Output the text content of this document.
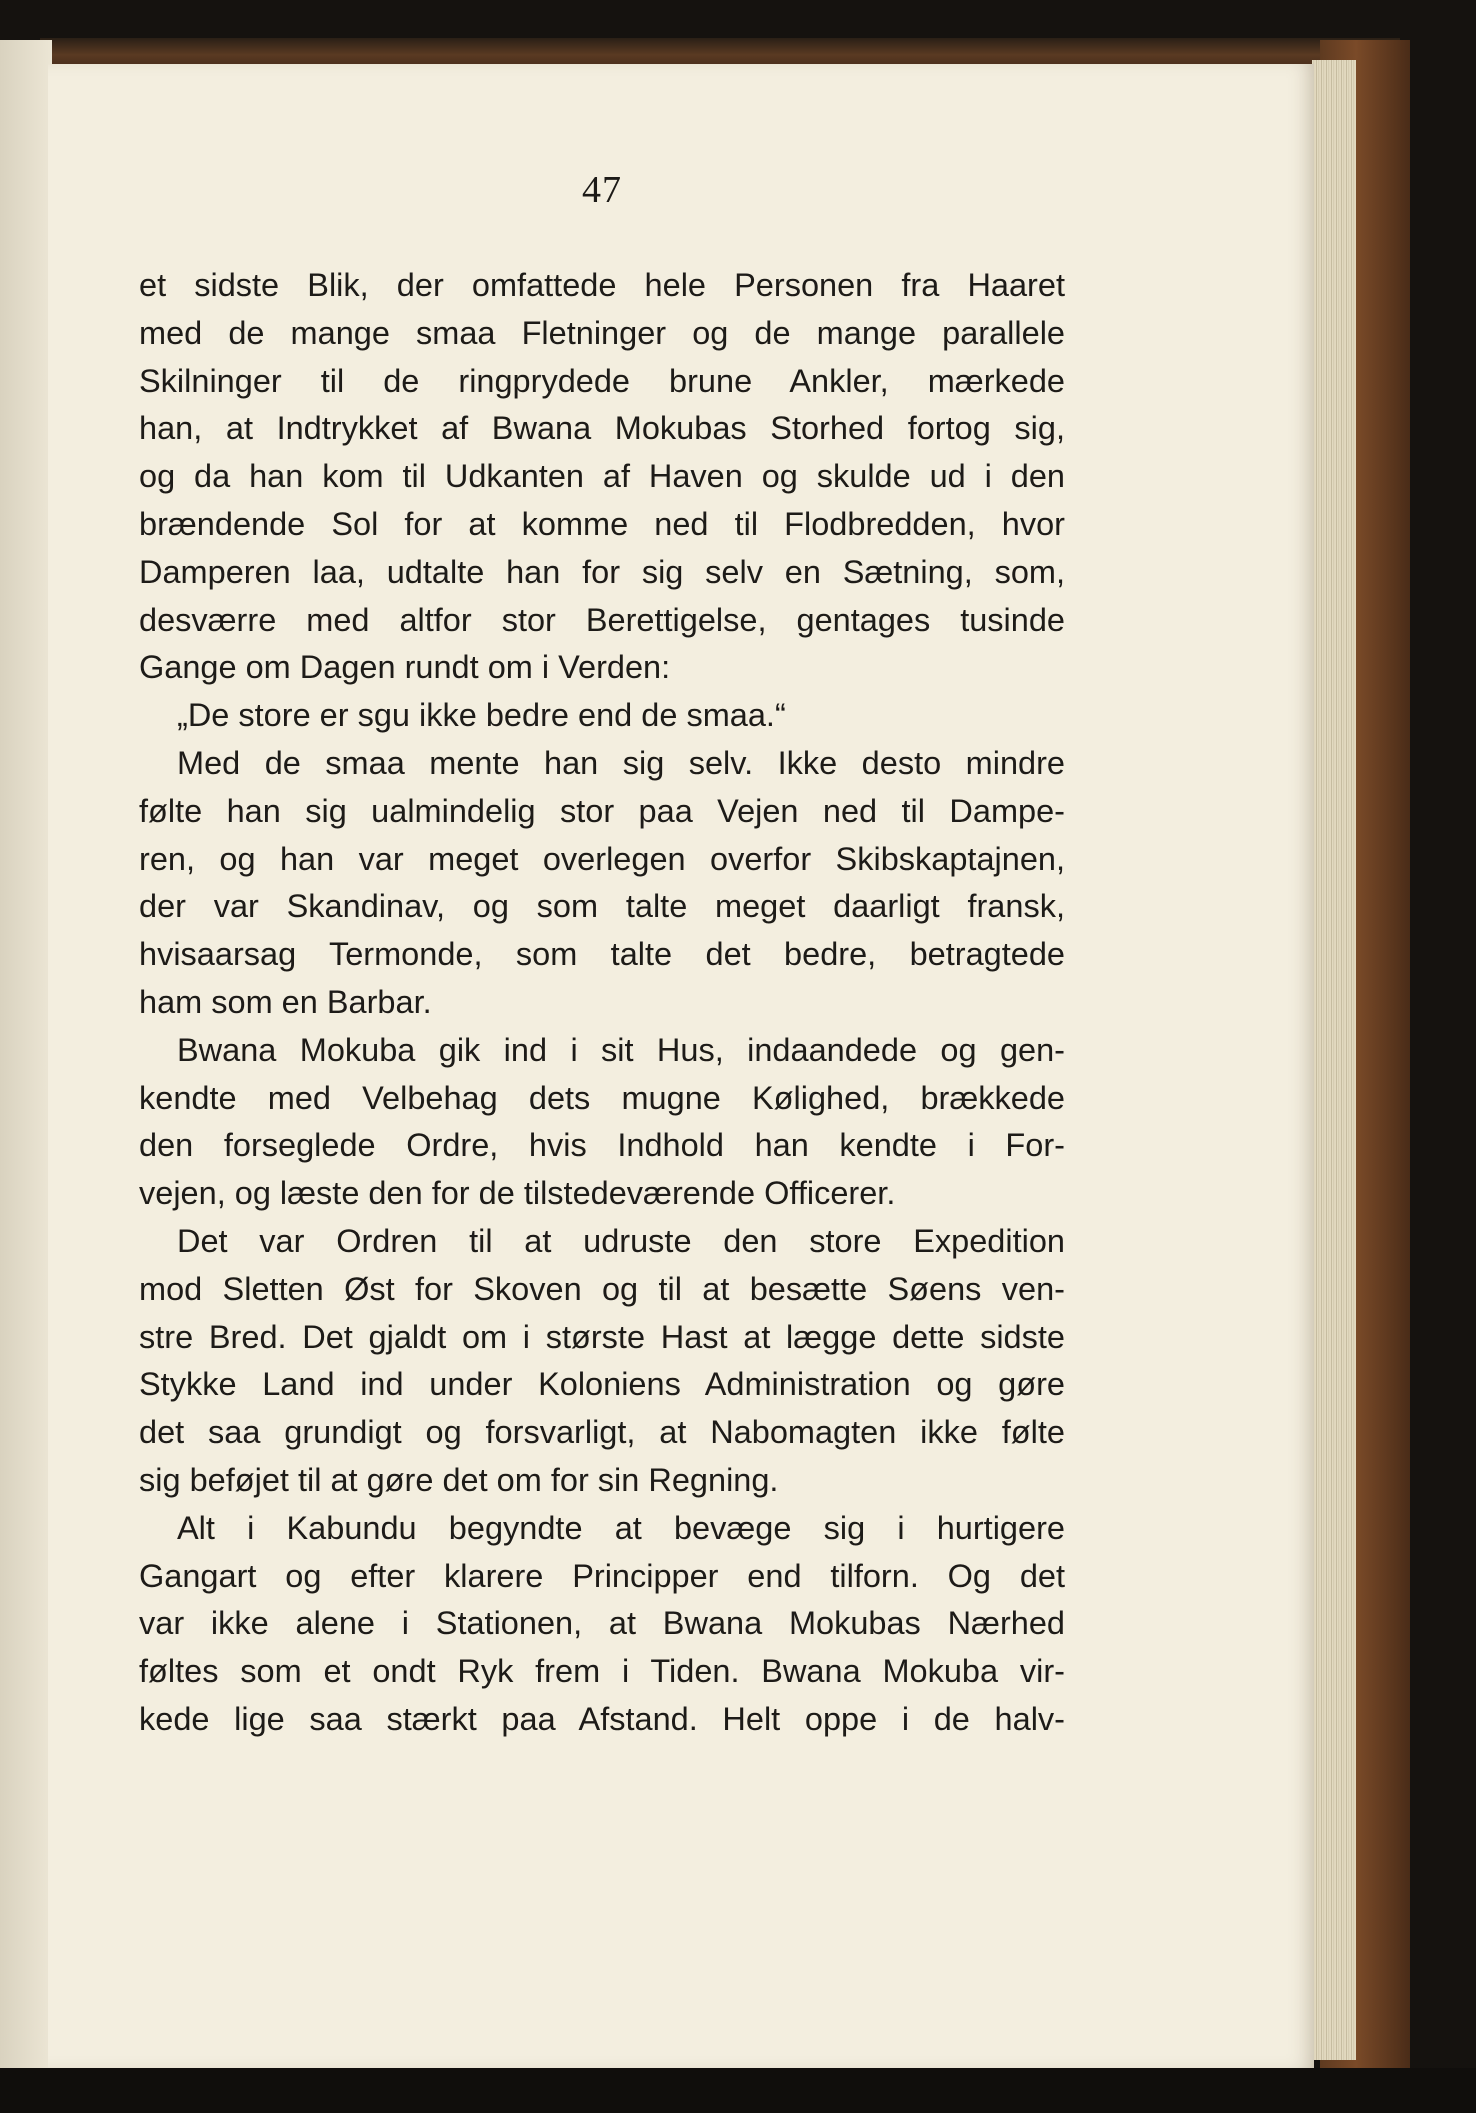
47
et sidste Blik, der omfattede hele Personen fra Haaret
med de mange smaa Fletninger og de mange parallele
Skilninger til de ringprydede brune Ankler, mærkede
han, at Indtrykket af Bwana Mokubas Storhed fortog sig,
og da han kom til Udkanten af Haven og skulde ud i den
brændende Sol for at komme ned til Flodbredden, hvor
Damperen laa, udtalte han for sig selv en Sætning, som,
desværre med altfor stor Berettigelse, gentages tusinde
Gange om Dagen rundt om i Verden:
„De store er sgu ikke bedre end de smaa.“
Med de smaa mente han sig selv. Ikke desto mindre
følte han sig ualmindelig stor paa Vejen ned til Dampe-
ren, og han var meget overlegen overfor Skibskaptajnen,
der var Skandinav, og som talte meget daarligt fransk,
hvisaarsag Termonde, som talte det bedre, betragtede
ham som en Barbar.
Bwana Mokuba gik ind i sit Hus, indaandede og gen-
kendte med Velbehag dets mugne Kølighed, brækkede
den forseglede Ordre, hvis Indhold han kendte i For-
vejen, og læste den for de tilstedeværende Officerer.
Det var Ordren til at udruste den store Expedition
mod Sletten Øst for Skoven og til at besætte Søens ven-
stre Bred. Det gjaldt om i største Hast at lægge dette sidste
Stykke Land ind under Koloniens Administration og gøre
det saa grundigt og forsvarligt, at Nabomagten ikke følte
sig beføjet til at gøre det om for sin Regning.
Alt i Kabundu begyndte at bevæge sig i hurtigere
Gangart og efter klarere Principper end tilforn. Og det
var ikke alene i Stationen, at Bwana Mokubas Nærhed
føltes som et ondt Ryk frem i Tiden. Bwana Mokuba vir-
kede lige saa stærkt paa Afstand. Helt oppe i de halv-
